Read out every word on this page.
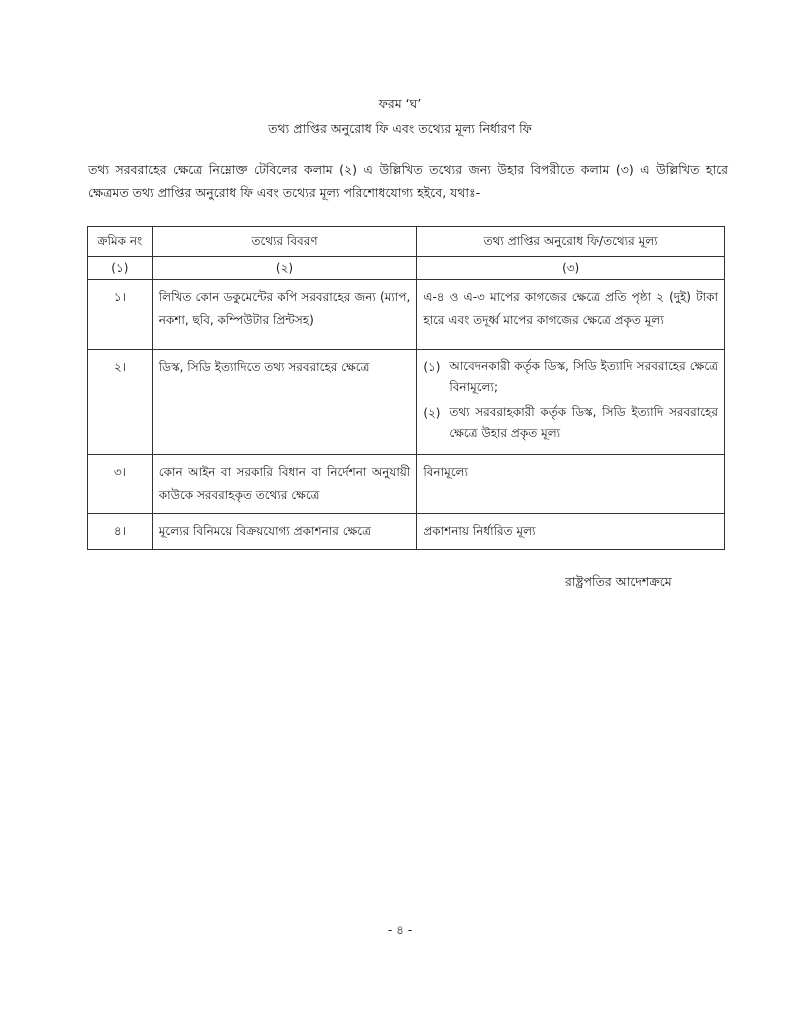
ফরম ‘ঘ’
তথ্য প্রাপ্তির অনুরোধ ফি এবং তথ্যের মূল্য নির্ধারণ ফি
তথ্য সরবরাহের ক্ষেত্রে নিম্নোক্ত টেবিলের কলাম (২) এ উল্লিখিত তথ্যের জন্য উহার বিপরীতে কলাম (৩) এ উল্লিখিত হারে ক্ষেত্রমত তথ্য প্রাপ্তির অনুরোধ ফি এবং তথ্যের মূল্য পরিশোধযোগ্য হইবে, যথাঃ-
ক্রমিক নং	তথ্যের বিবরণ	তথ্য প্রাপ্তির অনুরোধ ফি/তথ্যের মূল্য
(১)	(২)	(৩)
১।	লিখিত কোন ডকুমেন্টের কপি সরবরাহের জন্য (ম্যাপ, নকশা, ছবি, কম্পিউটার প্রিন্টসহ)	এ-৪ ও এ-৩ মাপের কাগজের ক্ষেত্রে প্রতি পৃষ্ঠা ২ (দুই) টাকা হারে এবং তদূর্ধ্ব মাপের কাগজের ক্ষেত্রে প্রকৃত মূল্য
২।	ডিস্ক, সিডি ইত্যাদিতে তথ্য সরবরাহের ক্ষেত্রে	(১) আবেদনকারী কর্তৃক ডিস্ক, সিডি ইত্যাদি সরবরাহের ক্ষেত্রে বিনামূল্যে;
(২) তথ্য সরবরাহকারী কর্তৃক ডিস্ক, সিডি ইত্যাদি সরবরাহের ক্ষেত্রে উহার প্রকৃত মূল্য

৩।	কোন আইন বা সরকারি বিধান বা নির্দেশনা অনুযায়ী কাউকে সরবরাহকৃত তথ্যের ক্ষেত্রে	বিনামূল্যে
৪।	মূল্যের বিনিময়ে বিক্রয়যোগ্য প্রকাশনার ক্ষেত্রে	প্রকাশনায় নির্ধারিত মূল্য
রাষ্ট্রপতির আদেশক্রমে
- ৪ -
